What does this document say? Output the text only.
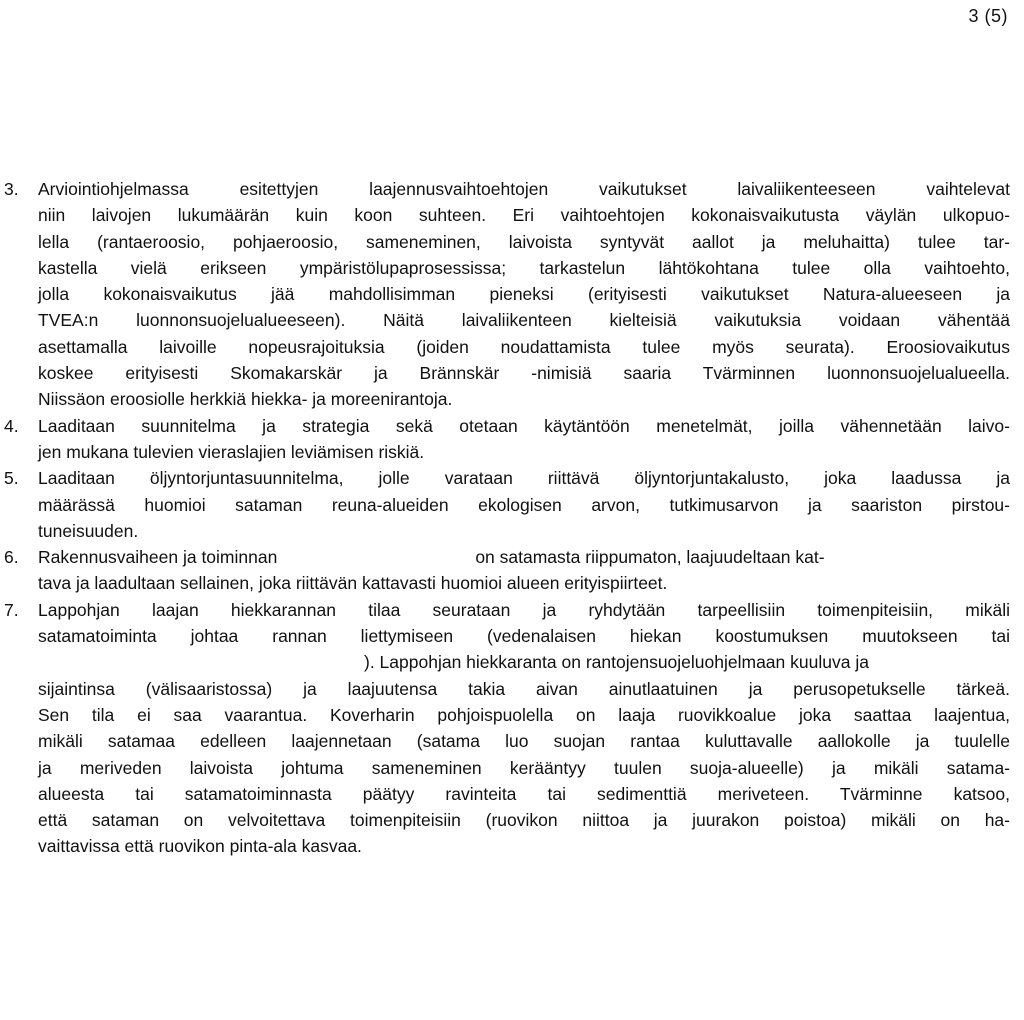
3 (5)
3. Arviointiohjelmassa esitettyjen laajennusvaihtoehtojen vaikutukset laivaliikenteeseen vaihtelevat
niin laivojen lukumäärän kuin koon suhteen. Eri vaihtoehtojen kokonaisvaikutusta väylän ulkopuo-
lella (rantaeroosio, pohjaeroosio, sameneminen, laivoista syntyvät aallot ja meluhaitta) tulee tar-
kastella vielä erikseen ympäristölupaprosessissa; tarkastelun lähtökohtana tulee olla vaihtoehto,
jolla kokonaisvaikutus jää mahdollisimman pieneksi (erityisesti vaikutukset Natura-alueeseen ja
TVEA:n luonnonsuojelualueeseen). Näitä laivaliikenteen kielteisiä vaikutuksia voidaan vähentää
asettamalla laivoille nopeusrajoituksia (joiden noudattamista tulee myös seurata). Eroosiovaikutus
koskee erityisesti Skomakarskär ja Brännskär -nimisiä saaria Tvärminnen luonnonsuojelualueella.
Niissäon eroosiolle herkkiä hiekka- ja moreenirantoja.
4. Laaditaan suunnitelma ja strategia sekä otetaan käytäntöön menetelmät, joilla vähennetään laivo-
jen mukana tulevien vieraslajien leviämisen riskiä.
5. Laaditaan öljyntorjuntasuunnitelma, jolle varataan riittävä öljyntorjuntakalusto, joka laadussa ja
määrässä huomioi sataman reuna-alueiden ekologisen arvon, tutkimusarvon ja saariston pirstou-
tuneisuuden.
6. Rakennusvaiheen ja toiminnan	on satamasta riippumaton, laajuudeltaan kat-
tava ja laadultaan sellainen, joka riittävän kattavasti huomioi alueen erityispiirteet.
7. Lappohjan laajan hiekkarannan tilaa seurataan ja ryhdytään tarpeellisiin toimenpiteisiin, mikäli
satamatoiminta johtaa rannan liettymiseen (vedenalaisen hiekan koostumuksen muutokseen tai
). Lappohjan hiekkaranta on rantojensuojeluohjelmaan kuuluva ja
sijaintinsa (välisaaristossa) ja laajuutensa takia aivan ainutlaatuinen ja perusopetukselle tärkeä.
Sen tila ei saa vaarantua. Koverharin pohjoispuolella on laaja ruovikkoalue joka saattaa laajentua,
mikäli satamaa edelleen laajennetaan (satama luo suojan rantaa kuluttavalle aallokolle ja tuulelle
ja meriveden laivoista johtuma sameneminen kerääntyy tuulen suoja-alueelle) ja mikäli satama-
alueesta tai satamatoiminnasta päätyy ravinteita tai sedimenttiä meriveteen. Tvärminne katsoo,
että sataman on velvoitettava toimenpiteisiin (ruovikon niittoa ja juurakon poistoa) mikäli on ha-
vaittavissa että ruovikon pinta-ala kasvaa.
